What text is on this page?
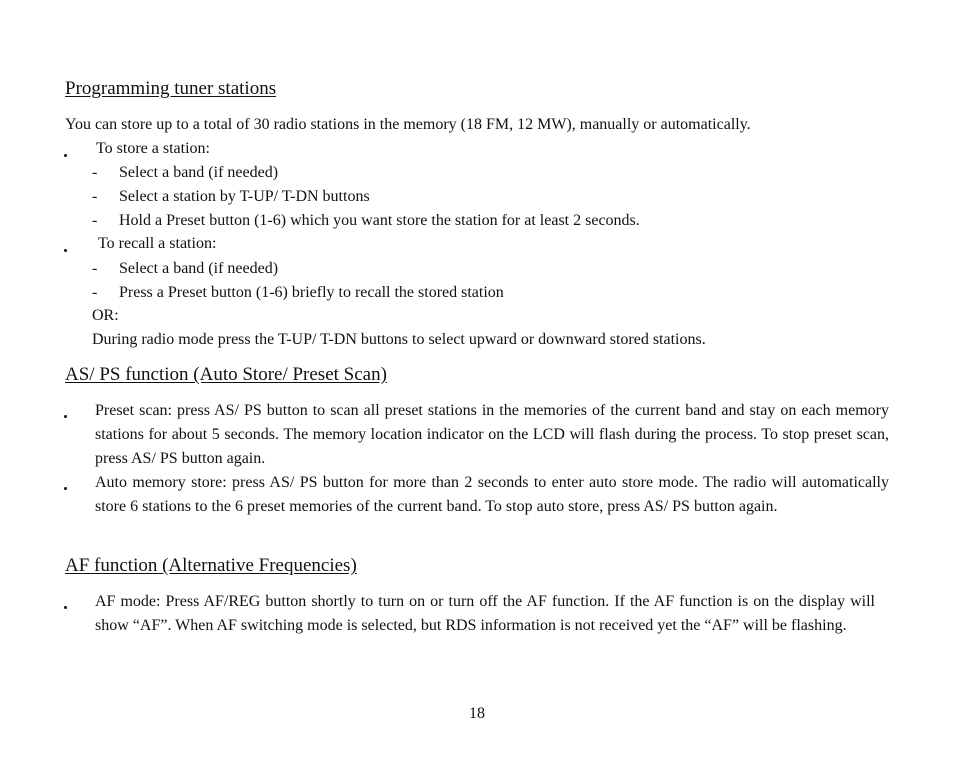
Programming tuner stations
You can store up to a total of 30 radio stations in the memory (18 FM, 12 MW), manually or automatically.
To store a station:
- Select a band (if needed)
- Select a station by T-UP/ T-DN buttons
- Hold a Preset button (1-6) which you want store the station for at least 2 seconds.
To recall a station:
- Select a band (if needed)
- Press a Preset button (1-6) briefly to recall the stored station
OR:
During radio mode press the T-UP/ T-DN buttons to select upward or downward stored stations.
AS/ PS function (Auto Store/ Preset Scan)
Preset scan: press AS/ PS button to scan all preset stations in the memories of the current band and stay on each memory stations for about 5 seconds. The memory location indicator on the LCD will flash during the process. To stop preset scan, press AS/ PS button again.
Auto memory store: press AS/ PS button for more than 2 seconds to enter auto store mode. The radio will automatically store 6 stations to the 6 preset memories of the current band. To stop auto store, press AS/ PS button again.
AF function (Alternative Frequencies)
AF mode: Press AF/REG button shortly to turn on or turn off the AF function. If the AF function is on the display will show “AF”. When AF switching mode is selected, but RDS information is not received yet the “AF” will be flashing.
18
